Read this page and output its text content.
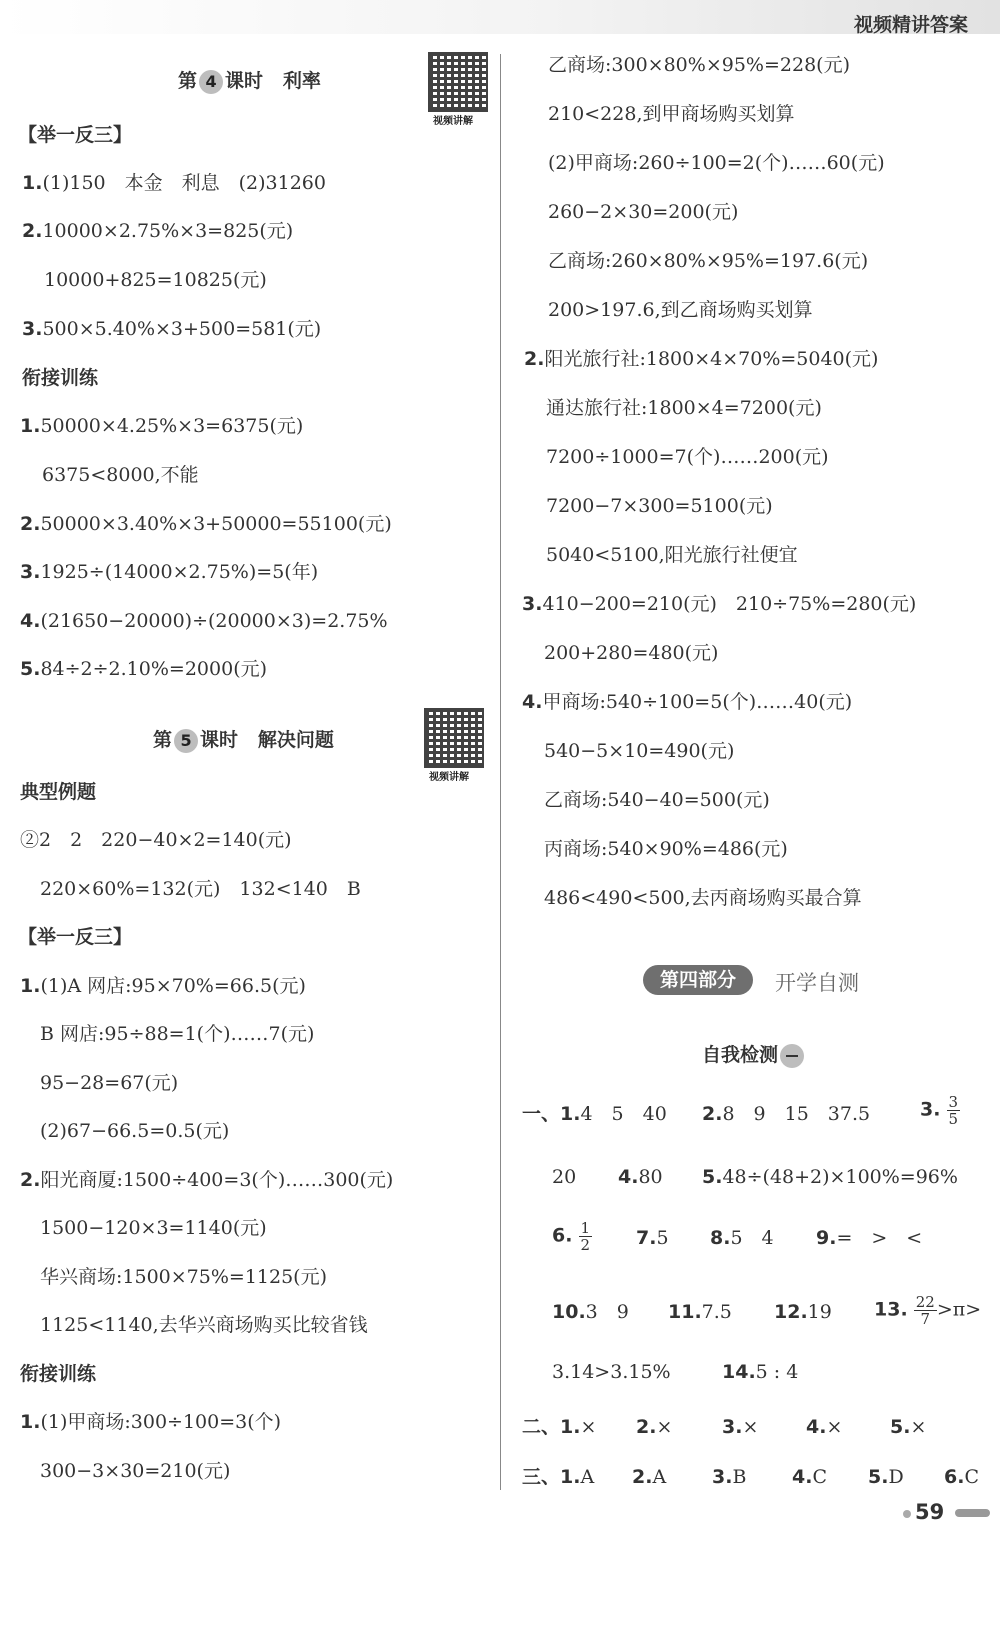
视频精讲答案
第 4 课时 利率
视频讲解
【举一反三】
1.(1)150　本金　利息　(2)31260
2.10000×2.75%×3=825(元)
10000+825=10825(元)
3.500×5.40%×3+500=581(元)
衔接训练
1.50000×4.25%×3=6375(元)
6375<8000,不能
2.50000×3.40%×3+50000=55100(元)
3.1925÷(14000×2.75%)=5(年)
4.(21650−20000)÷(20000×3)=2.75%
5.84÷2÷2.10%=2000(元)
第 5 课时 解决问题
视频讲解
典型例题
②2　2　220−40×2=140(元)
220×60%=132(元)　132<140　B
【举一反三】
1.(1)A 网店:95×70%=66.5(元)
B 网店:95÷88=1(个)……7(元)
95−28=67(元)
(2)67−66.5=0.5(元)
2.阳光商厦:1500÷400=3(个)……300(元)
1500−120×3=1140(元)
华兴商场:1500×75%=1125(元)
1125<1140,去华兴商场购买比较省钱
衔接训练
1.(1)甲商场:300÷100=3(个)
300−3×30=210(元)
乙商场:300×80%×95%=228(元)
210<228,到甲商场购买划算
(2)甲商场:260÷100=2(个)……60(元)
260−2×30=200(元)
乙商场:260×80%×95%=197.6(元)
200>197.6,到乙商场购买划算
2.阳光旅行社:1800×4×70%=5040(元)
通达旅行社:1800×4=7200(元)
7200÷1000=7(个)……200(元)
7200−7×300=5100(元)
5040<5100,阳光旅行社便宜
3.410−200=210(元)　210÷75%=280(元)
200+280=480(元)
4.甲商场:540÷100=5(个)……40(元)
540−5×10=490(元)
乙商场:540−40=500(元)
丙商场:540×90%=486(元)
486<490<500,去丙商场购买最合算
第四部分	开学自测
自我检测
一、1.4　5　40 2.8　9　15　37.5	3. $\frac{3}{5}$
20 4.80 5.48÷(48+2)×100%=96%
6. $\frac{1}{2} 7.5$ 8.5　4 9.=　>　<
10.3　9 11.7.5 12.19 13. $\frac{22}{7} >\pi>$
3.14>3.15%	14.5 : 4
二、1.× 2.×	3.×	4.×	5.×
三、1.A 2.A 3.B 4.C 5.D 6.C
59
